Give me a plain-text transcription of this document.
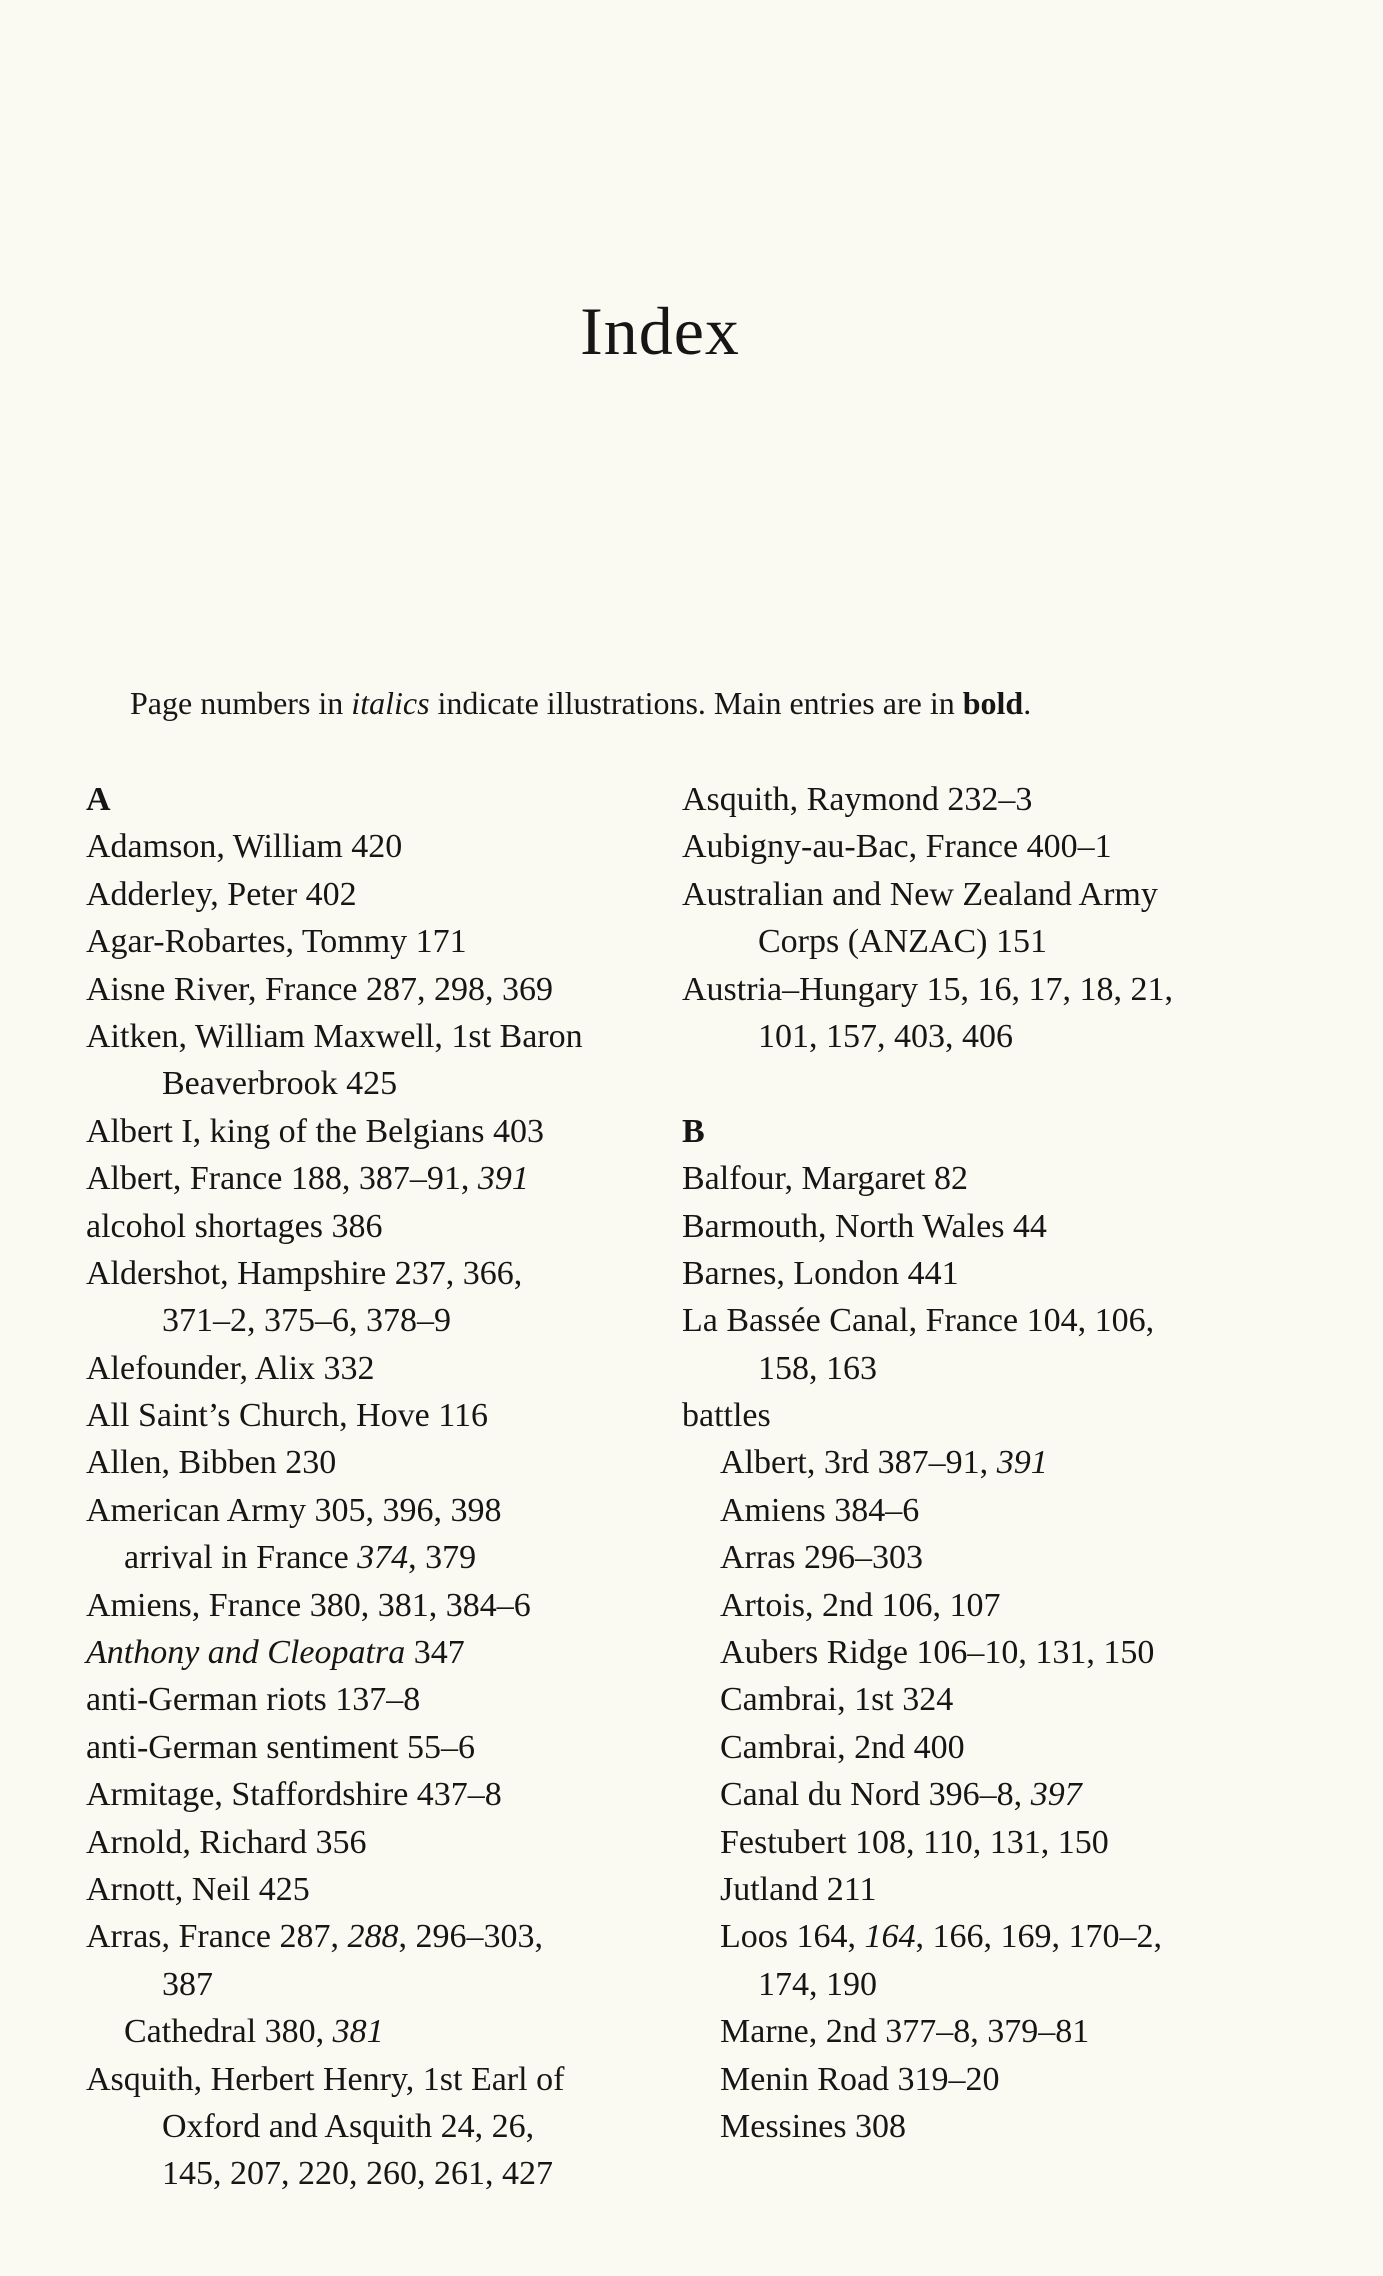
Index
Page numbers in italics indicate illustrations. Main entries are in bold.
A
Adamson, William 420
Adderley, Peter 402
Agar-Robartes, Tommy 171
Aisne River, France 287, 298, 369
Aitken, William Maxwell, 1st Baron
Beaverbrook 425
Albert I, king of the Belgians 403
Albert, France 188, 387–91, 391
alcohol shortages 386
Aldershot, Hampshire 237, 366,
371–2, 375–6, 378–9
Alefounder, Alix 332
All Saint’s Church, Hove 116
Allen, Bibben 230
American Army 305, 396, 398
arrival in France 374, 379
Amiens, France 380, 381, 384–6
Anthony and Cleopatra 347
anti-German riots 137–8
anti-German sentiment 55–6
Armitage, Staffordshire 437–8
Arnold, Richard 356
Arnott, Neil 425
Arras, France 287, 288, 296–303,
387
Cathedral 380, 381
Asquith, Herbert Henry, 1st Earl of
Oxford and Asquith 24, 26,
145, 207, 220, 260, 261, 427
Asquith, Raymond 232–3
Aubigny-au-Bac, France 400–1
Australian and New Zealand Army
Corps (ANZAC) 151
Austria–Hungary 15, 16, 17, 18, 21,
101, 157, 403, 406
B
Balfour, Margaret 82
Barmouth, North Wales 44
Barnes, London 441
La Bassée Canal, France 104, 106,
158, 163
battles
Albert, 3rd 387–91, 391
Amiens 384–6
Arras 296–303
Artois, 2nd 106, 107
Aubers Ridge 106–10, 131, 150
Cambrai, 1st 324
Cambrai, 2nd 400
Canal du Nord 396–8, 397
Festubert 108, 110, 131, 150
Jutland 211
Loos 164, 164, 166, 169, 170–2,
174, 190
Marne, 2nd 377–8, 379–81
Menin Road 319–20
Messines 308
